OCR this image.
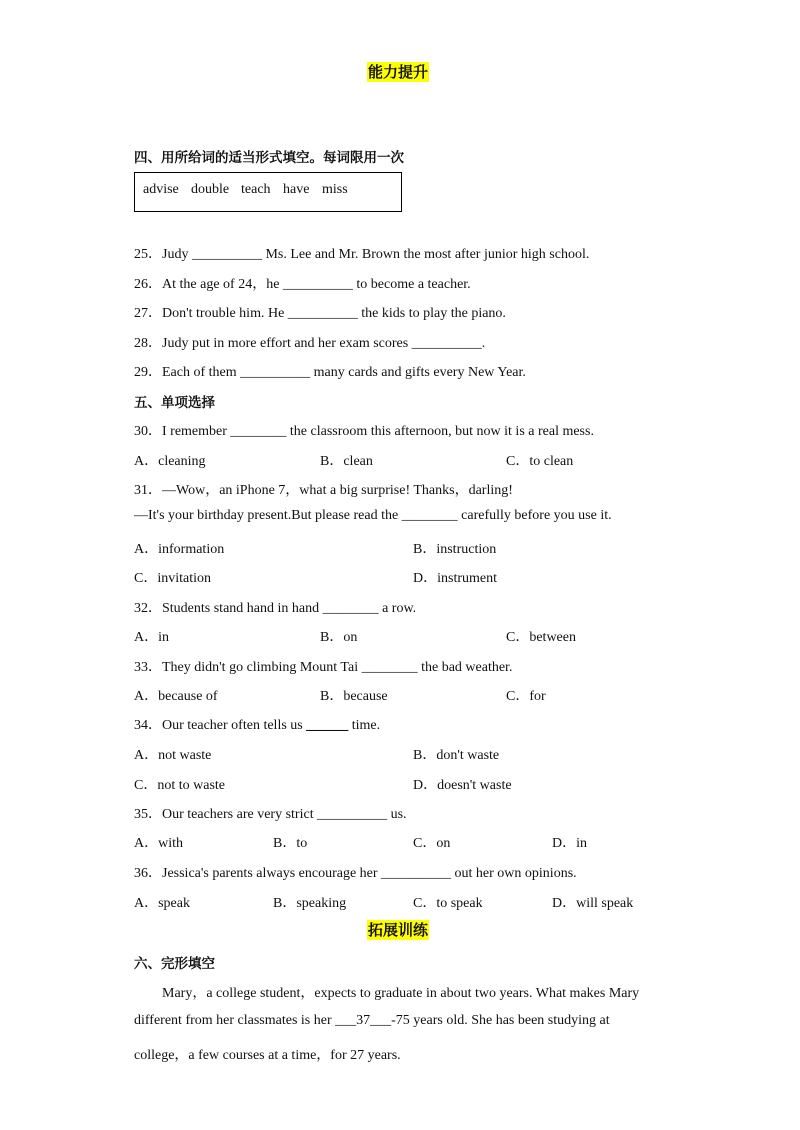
能力提升
四、用所给词的适当形式填空。每词限用一次
advise double teach have miss
25．Judy __________ Ms. Lee and Mr. Brown the most after junior high school.
26．At the age of 24，he __________ to become a teacher.
27．Don't trouble him. He __________ the kids to play the piano.
28．Judy put in more effort and her exam scores __________.
29．Each of them __________ many cards and gifts every New Year.
五、单项选择
30．I remember ________ the classroom this afternoon, but now it is a real mess.
A．cleaning	B．clean	C．to clean
31．—Wow，an iPhone 7，what a big surprise! Thanks，darling!
—It's your birthday present.But please read the ________ carefully before you use it.
A．information	B．instruction
C．invitation	D．instrument
32．Students stand hand in hand ________ a row.
A．in	B．on	C．between
33．They didn't go climbing Mount Tai ________ the bad weather.
A．because of	B．because	C．for
34．Our teacher often tells us ______ time.
A．not waste	B．don't waste
C．not to waste	D．doesn't waste
35．Our teachers are very strict __________ us.
A．with	B．to	C．on	D．in
36．Jessica's parents always encourage her __________ out her own opinions.
A．speak	B．speaking	C．to speak	D．will speak
拓展训练
六、完形填空
Mary，a college student，expects to graduate in about two years. What makes Mary
different from her classmates is her ___37___-75 years old. She has been studying at
college，a few courses at a time，for 27 years.
